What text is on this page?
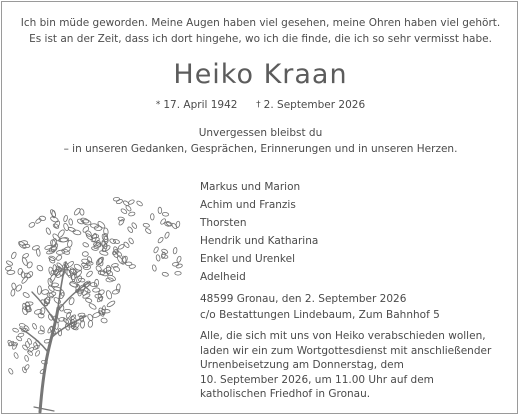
Ich bin müde geworden. Meine Augen haben viel gesehen, meine Ohren haben viel gehört.
Es ist an der Zeit, dass ich dort hingehe, wo ich die finde, die ich so sehr vermisst habe.
Heiko Kraan
* 17. April 1942 † 2. September 2026
Unvergessen bleibst du
– in unseren Gedanken, Gesprächen, Erinnerungen und in unseren Herzen.
Markus und Marion
Achim und Franzis
Thorsten
Hendrik und Katharina
Enkel und Urenkel
Adelheid
48599 Gronau, den 2. September 2026
c/o Bestattungen Lindebaum, Zum Bahnhof 5
Alle, die sich mit uns von Heiko verabschieden wollen,
laden wir ein zum Wortgottesdienst mit anschließender
Urnenbeisetzung am Donnerstag, dem
10. September 2026, um 11.00 Uhr auf dem
katholischen Friedhof in Gronau.
